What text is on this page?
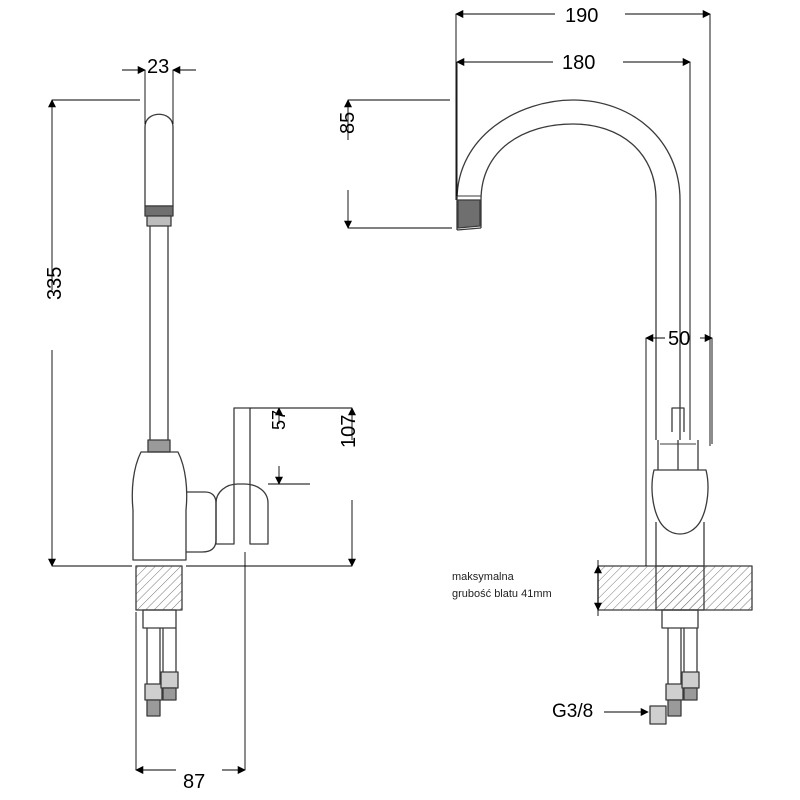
190
180
85
50
23
335
57 107
87
G3/8
maksymalna
grubość blatu 41mm
